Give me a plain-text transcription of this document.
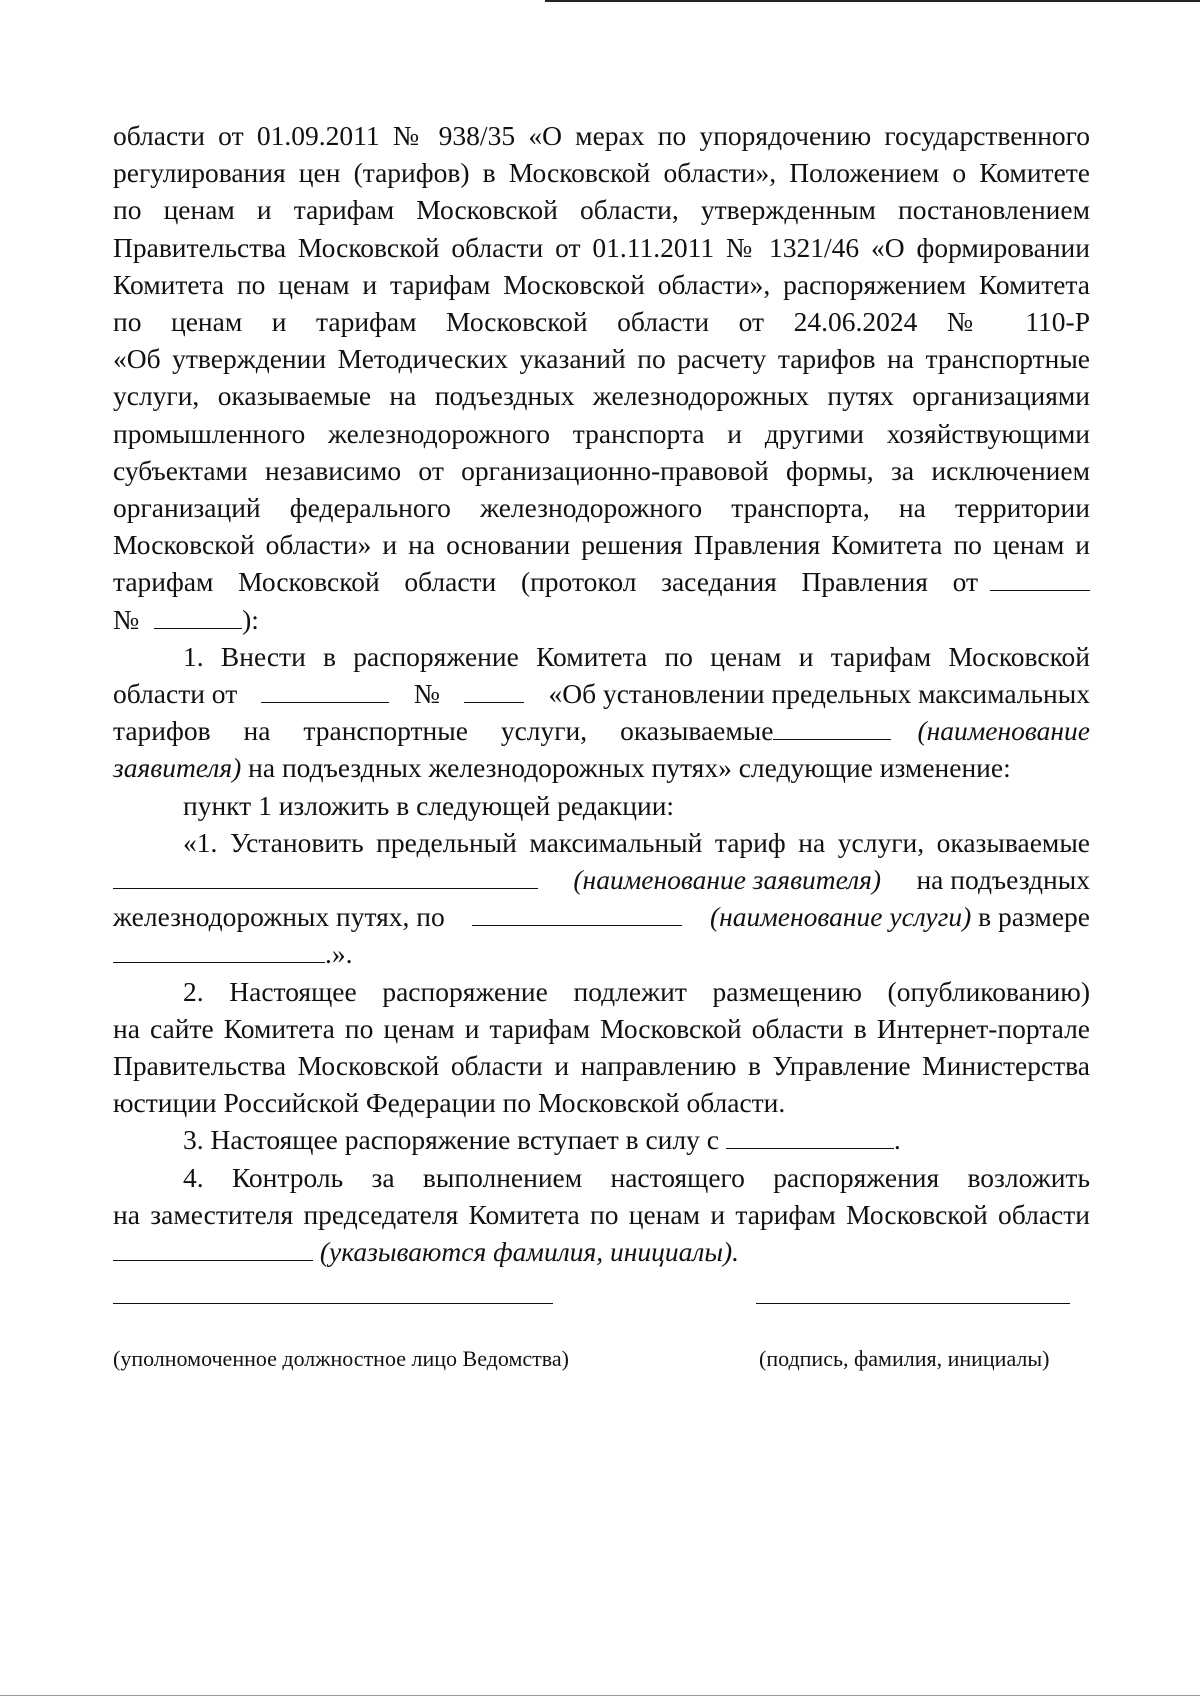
области от 01.09.2011 № 938/35 «О мерах по упорядочению государственного

регулирования цен (тарифов) в Московской области», Положением о Комитете

по ценам и тарифам Московской области, утвержденным постановлением

Правительства Московской области от 01.11.2011 № 1321/46 «О формировании

Комитета по ценам и тарифам Московской области», распоряжением Комитета

по ценам и тарифам Московской области от 24.06.2024 № 110-Р

«Об утверждении Методических указаний по расчету тарифов на транспортные

услуги, оказываемые на подъездных железнодорожных путях организациями

промышленного железнодорожного транспорта и другими хозяйствующими

субъектами независимо от организационно-правовой формы, за исключением

организаций федерального железнодорожного транспорта, на территории

Московской области» и на основании решения Правления Комитета по ценам и

тарифам Московской области (протокол заседания Правления от

№	):

1. Внести в распоряжение Комитета по ценам и тарифам Московской

области от	№	«Об установлении предельных максимальных

тарифов на транспортные услуги, оказываемые	(наименование

заявителя) на подъездных железнодорожных путях» следующие изменение:

пункт 1 изложить в следующей редакции:

«1. Установить предельный максимальный тариф на услуги, оказываемые

(наименование заявителя) на подъездных

железнодорожных путях, по	(наименование услуги) в размере

.».

2. Настоящее распоряжение подлежит размещению (опубликованию)

на сайте Комитета по ценам и тарифам Московской области в Интернет-портале

Правительства Московской области и направлению в Управление Министерства

юстиции Российской Федерации по Московской области.

3. Настоящее распоряжение вступает в силу с	.

4. Контроль за выполнением настоящего распоряжения возложить

на заместителя председателя Комитета по ценам и тарифам Московской области

(указываются фамилия, инициалы).

(уполномоченное должностное лицо Ведомства)	(подпись, фамилия, инициалы)
